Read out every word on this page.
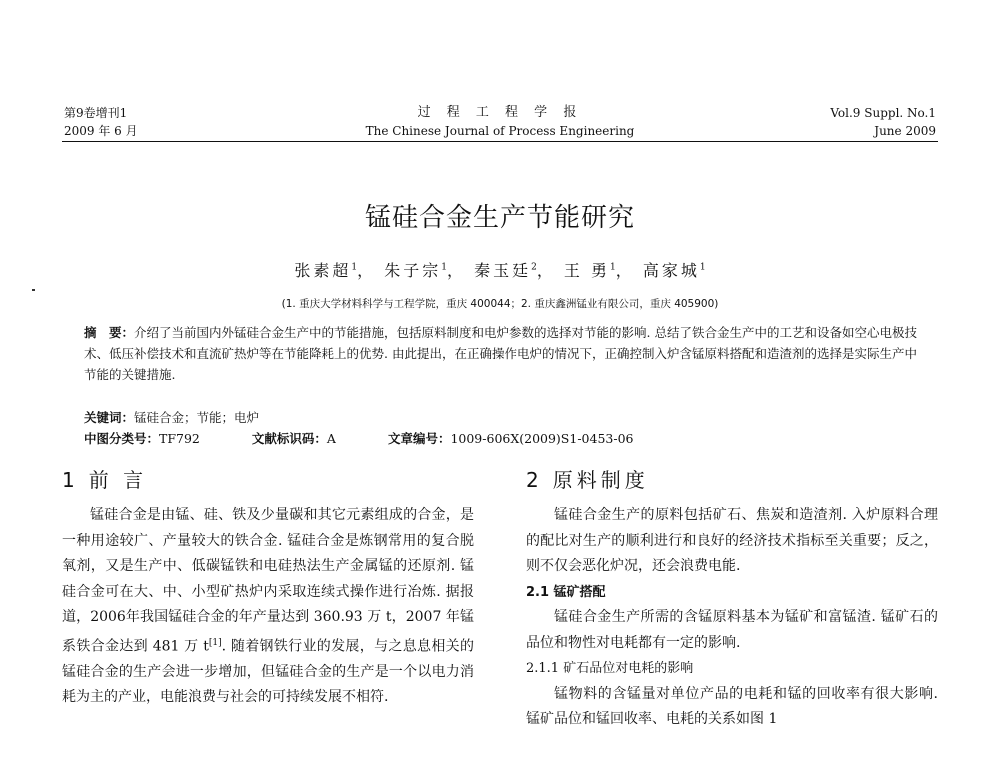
第9卷增刊1
2009 年 6 月
过 程 工 程 学 报
The Chinese Journal of Process Engineering
Vol.9 Suppl. No.1
June 2009
锰硅合金生产节能研究
张素超$^1$， 朱子宗$^1$， 秦玉廷$^2$， 王 勇$^1$， 高家城$^1$
(1. 重庆大学材料科学与工程学院，重庆 400044；2. 重庆鑫洲锰业有限公司，重庆 405900)
摘　要：介绍了当前国内外锰硅合金生产中的节能措施，包括原料制度和电炉参数的选择对节能的影响. 总结了铁合金生产中的工艺和设备如空心电极技术、低压补偿技术和直流矿热炉等在节能降耗上的优势. 由此提出，在正确操作电炉的情况下，正确控制入炉含锰原料搭配和造渣剂的选择是实际生产中节能的关键措施.
关键词：锰硅合金；节能；电炉
中图分类号：TF792	文献标识码：A	文章编号：1009-606X(2009)S1-0453-06
1 前 言

锰硅合金是由锰、硅、铁及少量碳和其它元素组成的合金，是一种用途较广、产量较大的铁合金. 锰硅合金是炼钢常用的复合脱氧剂，又是生产中、低碳锰铁和电硅热法生产金属锰的还原剂. 锰硅合金可在大、中、小型矿热炉内采取连续式操作进行冶炼. 据报道，2006年我国锰硅合金的年产量达到 360.93 万 t，2007 年锰系铁合金达到 481 万 t[1]. 随着钢铁行业的发展，与之息息相关的锰硅合金的生产会进一步增加，但锰硅合金的生产是一个以电力消耗为主的产业，电能浪费与社会的可持续发展不相符.

2 原料制度

锰硅合金生产的原料包括矿石、焦炭和造渣剂. 入炉原料合理的配比对生产的顺利进行和良好的经济技术指标至关重要；反之，则不仅会恶化炉况，还会浪费电能.

2.1 锰矿搭配

锰硅合金生产所需的含锰原料基本为锰矿和富锰渣. 锰矿石的品位和物性对电耗都有一定的影响.

2.1.1 矿石品位对电耗的影响

锰物料的含锰量对单位产品的电耗和锰的回收率有很大影响. 锰矿品位和锰回收率、电耗的关系如图 1
